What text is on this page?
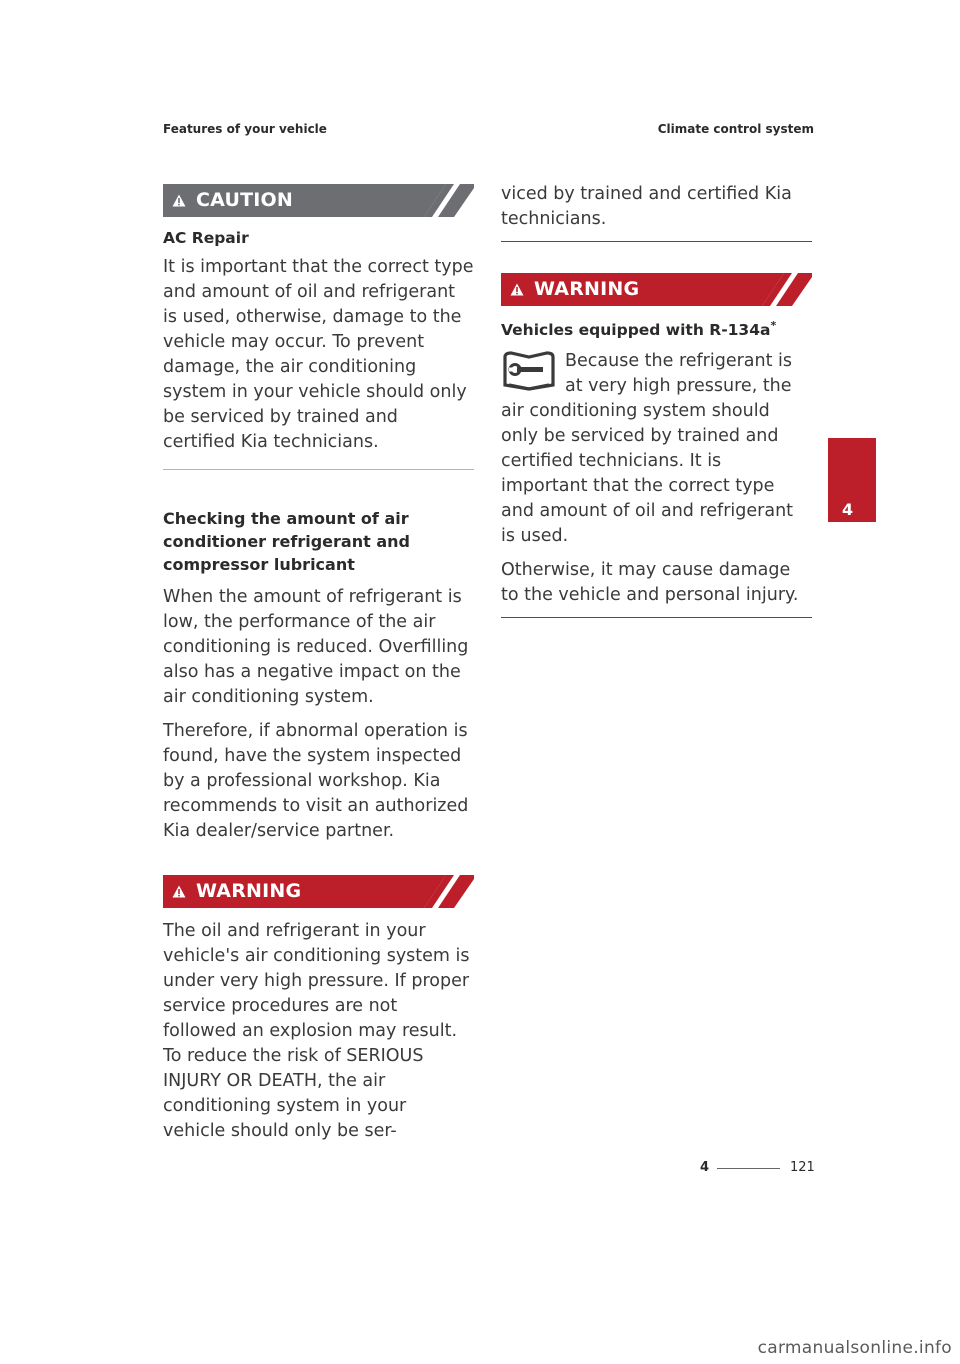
Features of your vehicle	Climate control system
CAUTION
AC Repair

It is important that the correct type and amount of oil and refrigerant is used, otherwise, damage to the vehicle may occur. To prevent damage, the air conditioning system in your vehicle should only be serviced by trained and certified Kia technicians.

Checking the amount of air conditioner refrigerant and compressor lubricant

When the amount of refrigerant is low, the performance of the air conditioning is reduced. Overfilling also has a negative impact on the air conditioning system.

Therefore, if abnormal operation is found, have the system inspected by a professional workshop. Kia recommends to visit an authorized Kia dealer/service partner.

WARNING

The oil and refrigerant in your vehicle's air conditioning system is under very high pressure. If proper service procedures are not followed an explosion may result. To reduce the risk of SERIOUS INJURY OR DEATH, the air conditioning system in your vehicle should only be ser-

viced by trained and certified Kia technicians.

WARNING
Vehicles equipped with R-134a*

Because the refrigerant is at very high pressure, the air conditioning system should only be serviced by trained and certified technicians. It is important that the correct type and amount of oil and refrigerant is used.

Otherwise, it may cause damage to the vehicle and personal injury.

4
4	121
carmanualsonline.info
